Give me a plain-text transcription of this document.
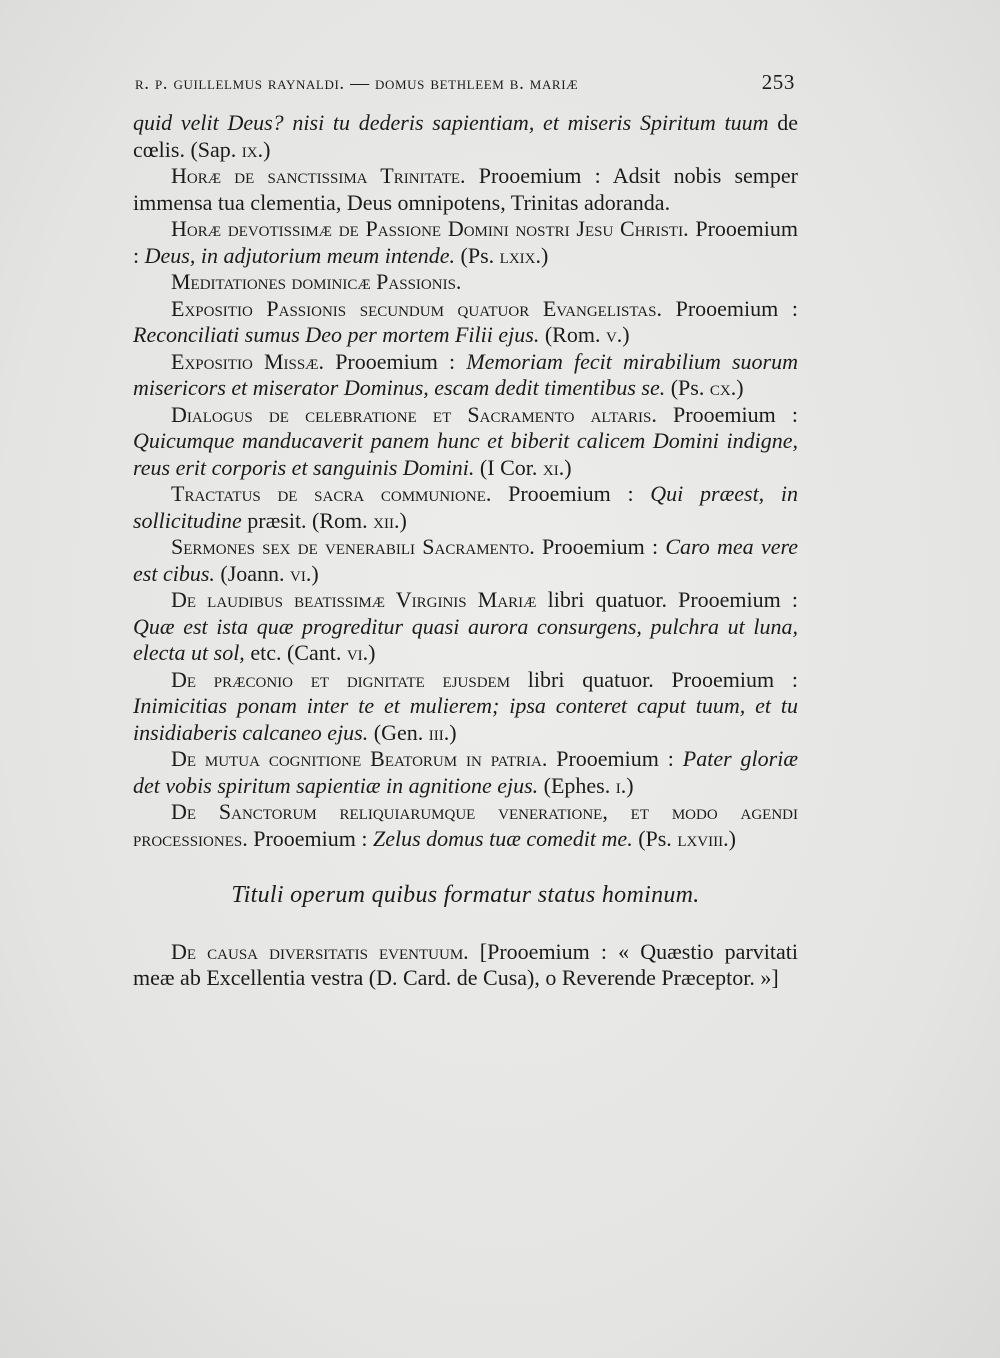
r. p. guillelmus raynaldi. — domus bethleem b. mariæ	253

quid velit Deus? nisi tu dederis sapientiam, et miseris Spiritum tuum de cœlis. (Sap. ix.)

Horæ de sanctissima Trinitate. Prooemium : Adsit nobis semper immensa tua clementia, Deus omnipotens, Trinitas adoranda.

Horæ devotissimæ de Passione Domini nostri Jesu Christi. Prooemium : Deus, in adjutorium meum intende. (Ps. lxix.)

Meditationes dominicæ Passionis.

Expositio Passionis secundum quatuor Evangelistas. Prooemium : Reconciliati sumus Deo per mortem Filii ejus. (Rom. v.)

Expositio Missæ. Prooemium : Memoriam fecit mirabilium suorum misericors et miserator Dominus, escam dedit timentibus se. (Ps. cx.)

Dialogus de celebratione et Sacramento altaris. Prooemium : Quicumque manducaverit panem hunc et biberit calicem Domini indigne, reus erit corporis et sanguinis Domini. (I Cor. xi.)

Tractatus de sacra communione. Prooemium : Qui præest, in sollicitudine præsit. (Rom. xii.)

Sermones sex de venerabili Sacramento. Prooemium : Caro mea vere est cibus. (Joann. vi.)

De laudibus beatissimæ Virginis Mariæ libri quatuor. Prooemium : Quæ est ista quæ progreditur quasi aurora consurgens, pulchra ut luna, electa ut sol, etc. (Cant. vi.)

De præconio et dignitate ejusdem libri quatuor. Prooemium : Inimicitias ponam inter te et mulierem; ipsa conteret caput tuum, et tu insidiaberis calcaneo ejus. (Gen. iii.)

De mutua cognitione Beatorum in patria. Prooemium : Pater gloriæ det vobis spiritum sapientiæ in agnitione ejus. (Ephes. i.)

De Sanctorum reliquiarumque veneratione, et modo agendi processiones. Prooemium : Zelus domus tuæ comedit me. (Ps. lxviii.)

Tituli operum quibus formatur status hominum.

De causa diversitatis eventuum. [Prooemium : « Quæstio parvitati meæ ab Excellentia vestra (D. Card. de Cusa), o Reverende Præceptor. »]
